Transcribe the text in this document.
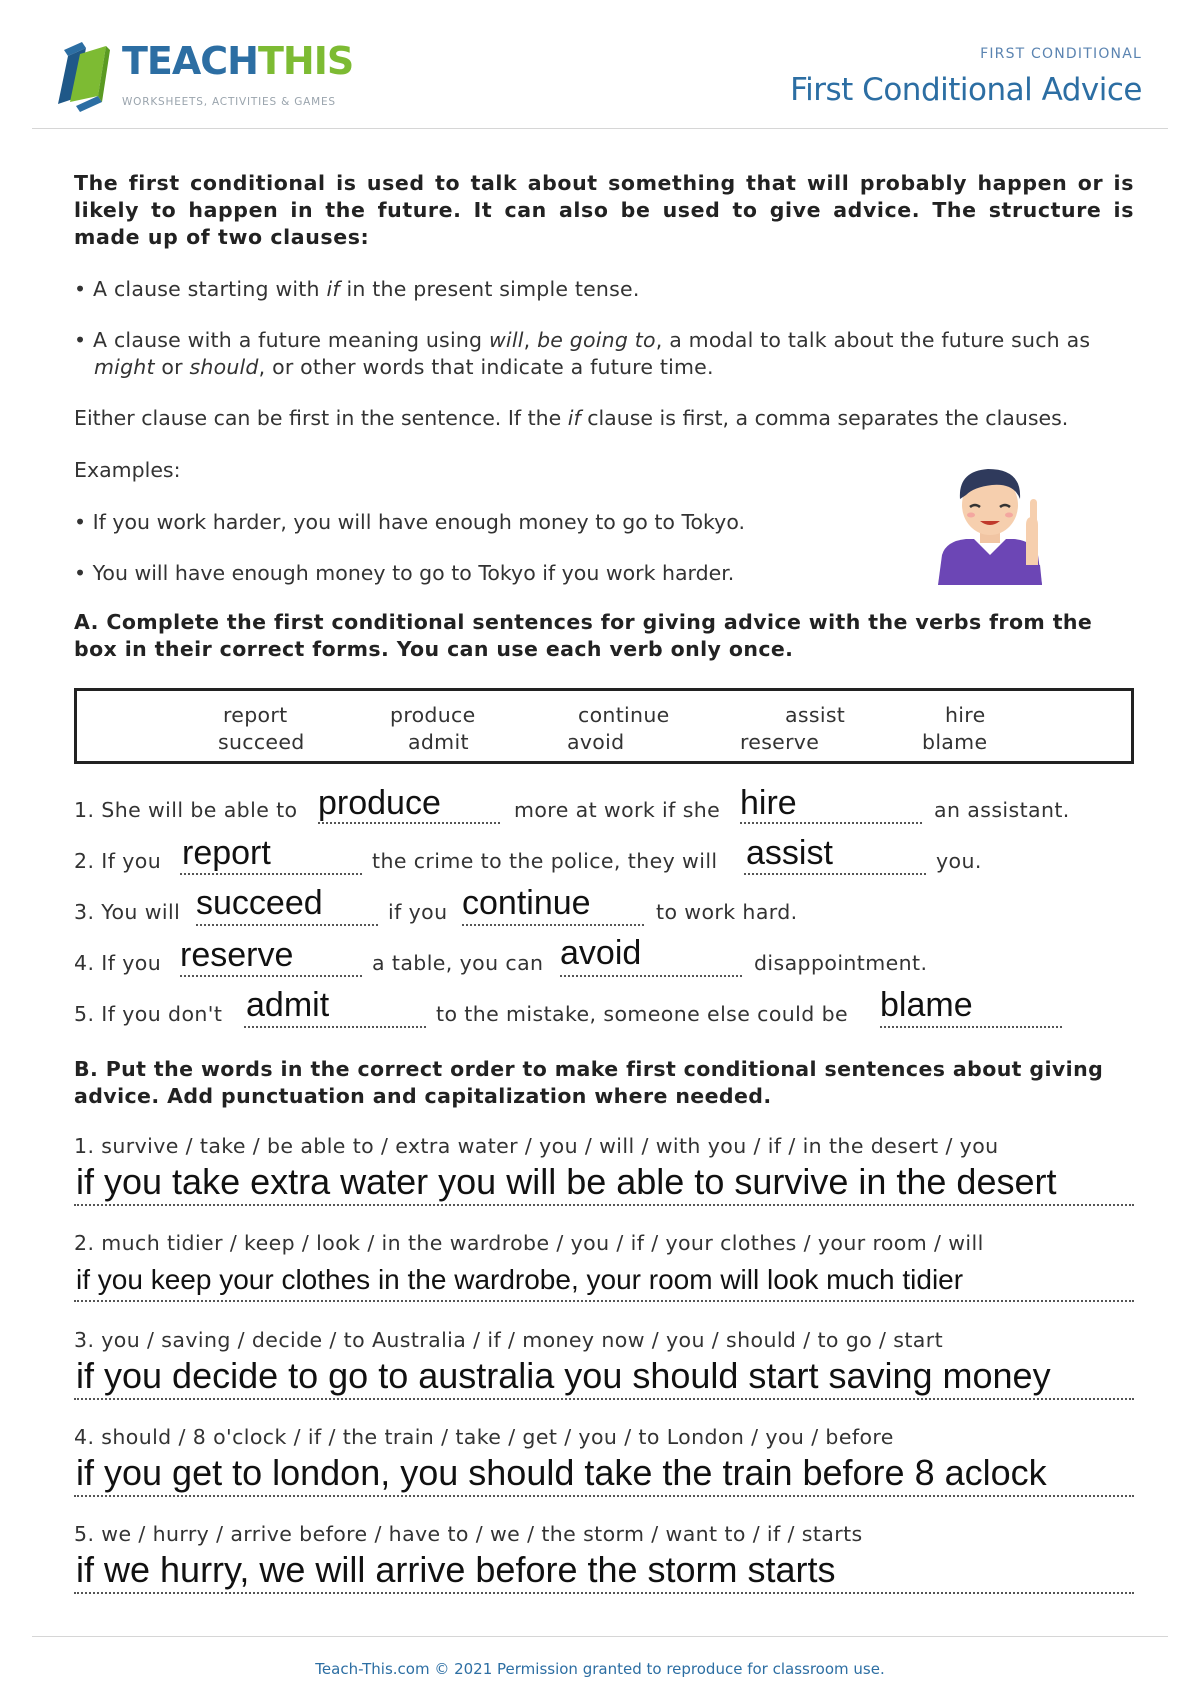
TEACHTHIS
WORKSHEETS, ACTIVITIES & GAMES
FIRST CONDITIONAL
First Conditional Advice
The first conditional is used to talk about something that will probably happen or is likely to happen in the future. It can also be used to give advice. The structure is made up of two clauses:
• A clause starting with if in the present simple tense.
• A clause with a future meaning using will, be going to, a modal to talk about the future such as might or should, or other words that indicate a future time.
Either clause can be first in the sentence. If the if clause is first, a comma separates the clauses.
Examples:
• If you work harder, you will have enough money to go to Tokyo.
• You will have enough money to go to Tokyo if you work harder.
A. Complete the first conditional sentences for giving advice with the verbs from the box in their correct forms. You can use each verb only once.
report	produce	continue	assist	hire
succeed	admit	avoid	reserve	blame
1. She will be able to produce	more at work if she hire	an assistant.
2. If you report	the crime to the police, they will assist	you.
3. You will succeed	if you continue	to work hard.
4. If you reserve	a table, you can avoid	disappointment.
5. If you don't admit	to the mistake, someone else could be blame
B. Put the words in the correct order to make first conditional sentences about giving advice. Add punctuation and capitalization where needed.
1. survive / take / be able to / extra water / you / will / with you / if / in the desert / you
if you take extra water you will be able to survive in the desert
2. much tidier / keep / look / in the wardrobe / you / if / your clothes / your room / will
if you keep your clothes in the wardrobe, your room will look much tidier
3. you / saving / decide / to Australia / if / money now / you / should / to go / start
if you decide to go to australia you should start saving money
4. should / 8 o'clock / if / the train / take / get / you / to London / you / before
if you get to london, you should take the train before 8 aclock
5. we / hurry / arrive before / have to / we / the storm / want to / if / starts
if we hurry, we will arrive before the storm starts
Teach-This.com © 2021 Permission granted to reproduce for classroom use.
